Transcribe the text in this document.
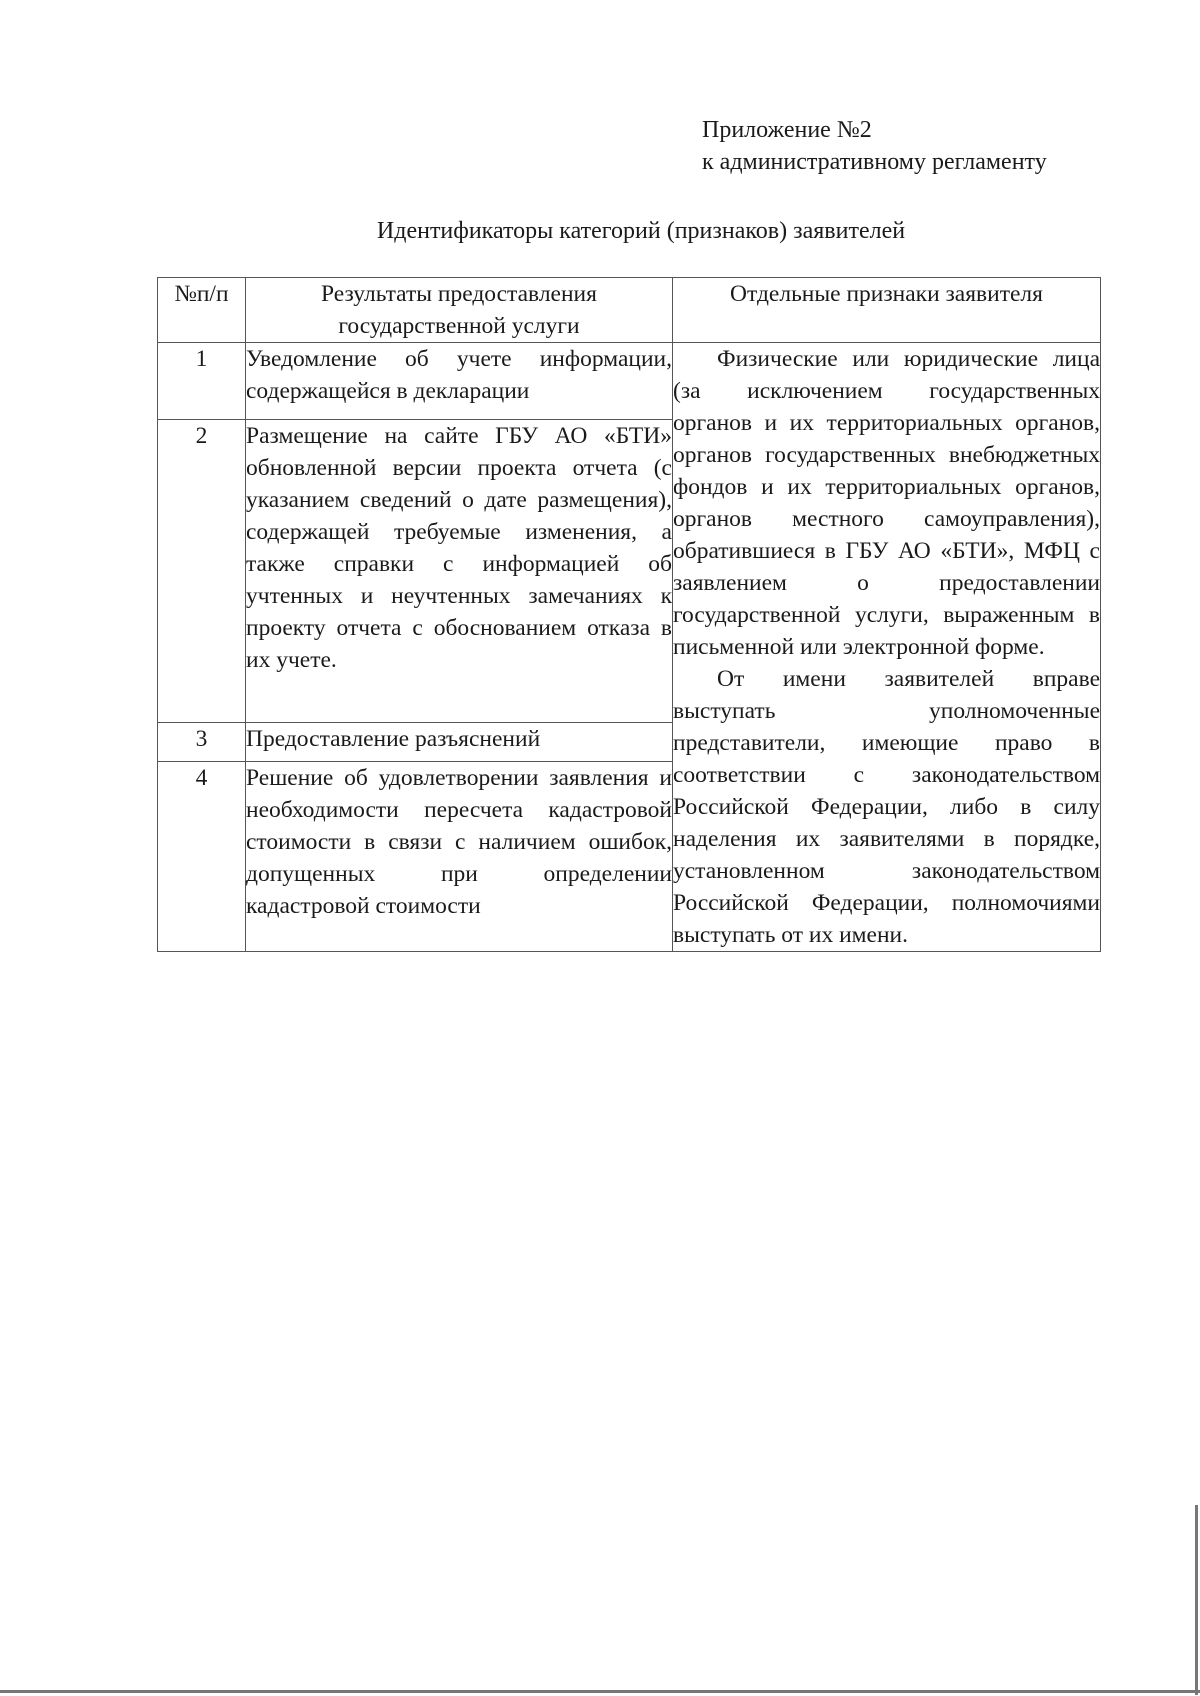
Приложение №2
к административному регламенту
Идентификаторы категорий (признаков) заявителей
№п/п	Результаты предоставления государственной услуги	Отдельные признаки заявителя
1	Уведомление об учете информации, содержащейся в декларации	Физические или юридические лица (за исключением государственных органов и их территориальных органов, органов государственных внебюджетных фондов и их территориальных органов, органов местного самоуправления), обратившиеся в ГБУ АО «БТИ», МФЦ с заявлением о предоставлении государственной услуги, выраженным в письменной или электронной форме.
От имени заявителей вправе выступать уполномоченные представители, имеющие право в соответствии с законодательством Российской Федерации, либо в силу наделения их заявителями в порядке, установленном законодательством Российской Федерации, полномочиями выступать от их имени.

2	Размещение на сайте ГБУ АО «БТИ» обновленной версии проекта отчета (с указанием сведений о дате размещения), содержащей требуемые изменения, а также справки с информацией об учтенных и неучтенных замечаниях к проекту отчета с обоснованием отказа в их учете.	
3	Предоставление разъяснений	
4	Решение об удовлетворении заявления и необходимости пересчета кадастровой стоимости в связи с наличием ошибок, допущенных при определении кадастровой стоимости	
